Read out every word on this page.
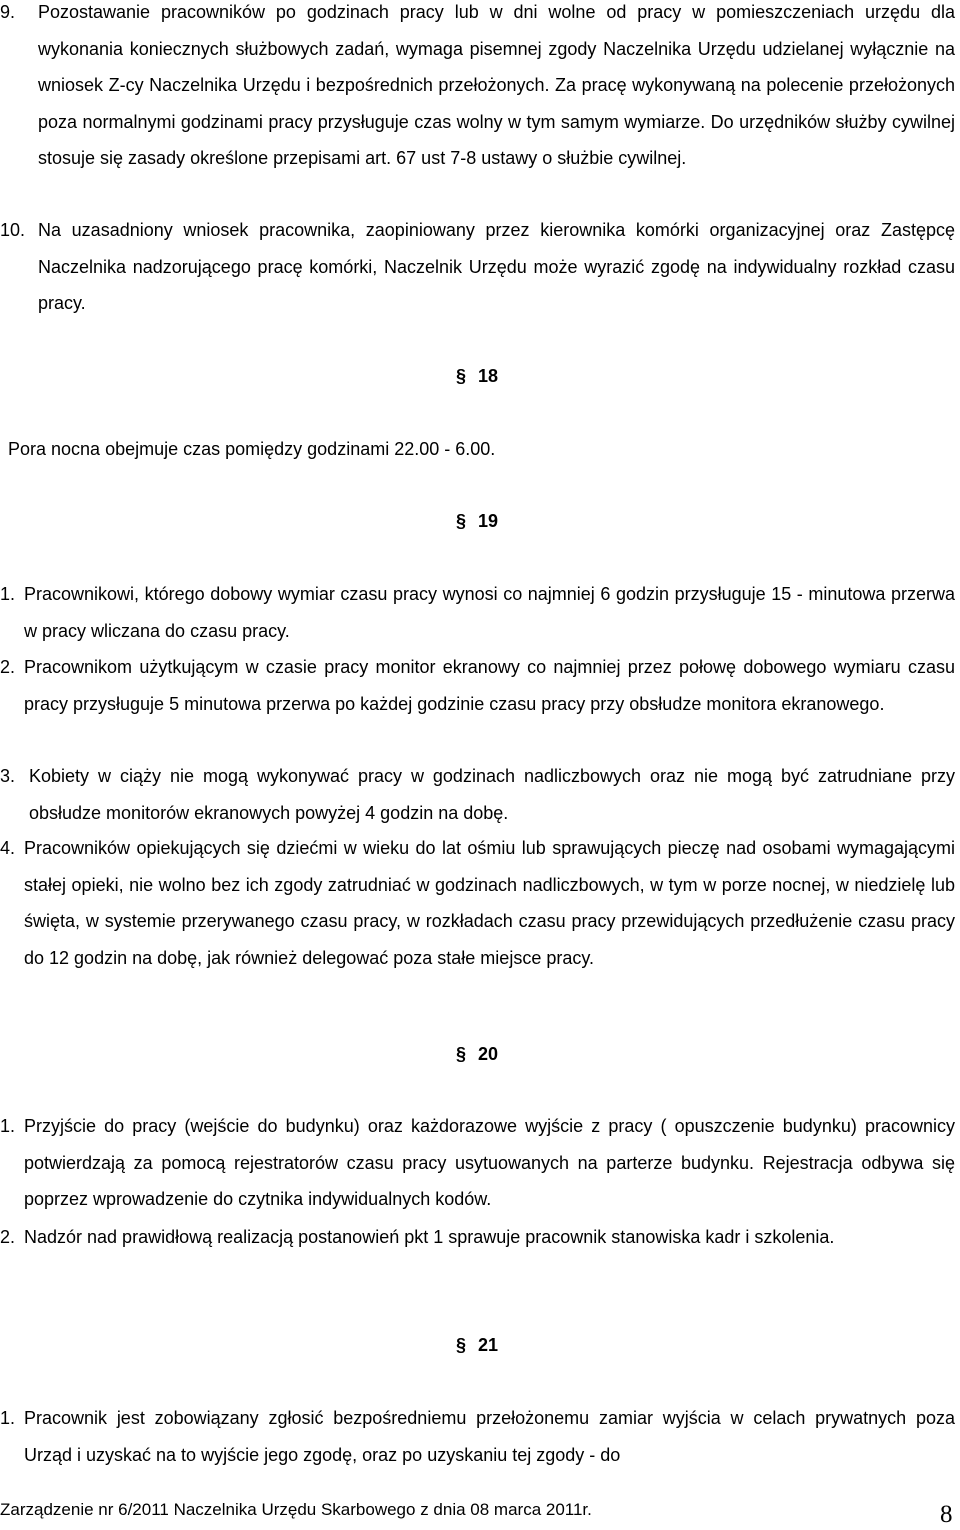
9. Pozostawanie pracowników po godzinach pracy lub w dni wolne od pracy w pomieszczeniach urzędu dla wykonania koniecznych służbowych zadań, wymaga pisemnej zgody Naczelnika Urzędu udzielanej wyłącznie na wniosek Z-cy Naczelnika Urzędu i bezpośrednich przełożonych. Za pracę wykonywaną na polecenie przełożonych poza normalnymi godzinami pracy przysługuje czas wolny w tym samym wymiarze. Do urzędników służby cywilnej stosuje się zasady określone przepisami art. 67 ust 7-8 ustawy o służbie cywilnej.
10. Na uzasadniony wniosek pracownika, zaopiniowany przez kierownika komórki organizacyjnej oraz Zastępcę Naczelnika nadzorującego pracę komórki, Naczelnik Urzędu może wyrazić zgodę na indywidualny rozkład czasu pracy.
§ 18
Pora nocna obejmuje czas pomiędzy godzinami 22.00 - 6.00.
§ 19
1. Pracownikowi, którego dobowy wymiar czasu pracy wynosi co najmniej 6 godzin przysługuje 15 - minutowa przerwa w pracy wliczana do czasu pracy.
2. Pracownikom użytkującym w czasie pracy monitor ekranowy co najmniej przez połowę dobowego wymiaru czasu pracy przysługuje 5 minutowa przerwa po każdej godzinie czasu pracy przy obsłudze monitora ekranowego.
3. Kobiety w ciąży nie mogą wykonywać pracy w godzinach nadliczbowych oraz nie mogą być zatrudniane przy obsłudze monitorów ekranowych powyżej 4 godzin na dobę.
4. Pracowników opiekujących się dziećmi w wieku do lat ośmiu lub sprawujących pieczę nad osobami wymagającymi stałej opieki, nie wolno bez ich zgody zatrudniać w godzinach nadliczbowych, w tym w porze nocnej, w niedzielę lub święta, w systemie przerywanego czasu pracy, w rozkładach czasu pracy przewidujących przedłużenie czasu pracy do 12 godzin na dobę, jak również delegować poza stałe miejsce pracy.
§ 20
1. Przyjście do pracy (wejście do budynku) oraz każdorazowe wyjście z pracy ( opuszczenie budynku) pracownicy potwierdzają za pomocą rejestratorów czasu pracy usytuowanych na parterze budynku. Rejestracja odbywa się poprzez wprowadzenie do czytnika indywidualnych kodów.
2. Nadzór nad prawidłową realizacją postanowień pkt 1 sprawuje pracownik stanowiska kadr i szkolenia.
§ 21
1. Pracownik jest zobowiązany zgłosić bezpośredniemu przełożonemu zamiar wyjścia w celach prywatnych poza Urząd i uzyskać na to wyjście jego zgodę, oraz po uzyskaniu tej zgody - do
Zarządzenie nr 6/2011 Naczelnika Urzędu Skarbowego z dnia 08 marca 2011r.	8
